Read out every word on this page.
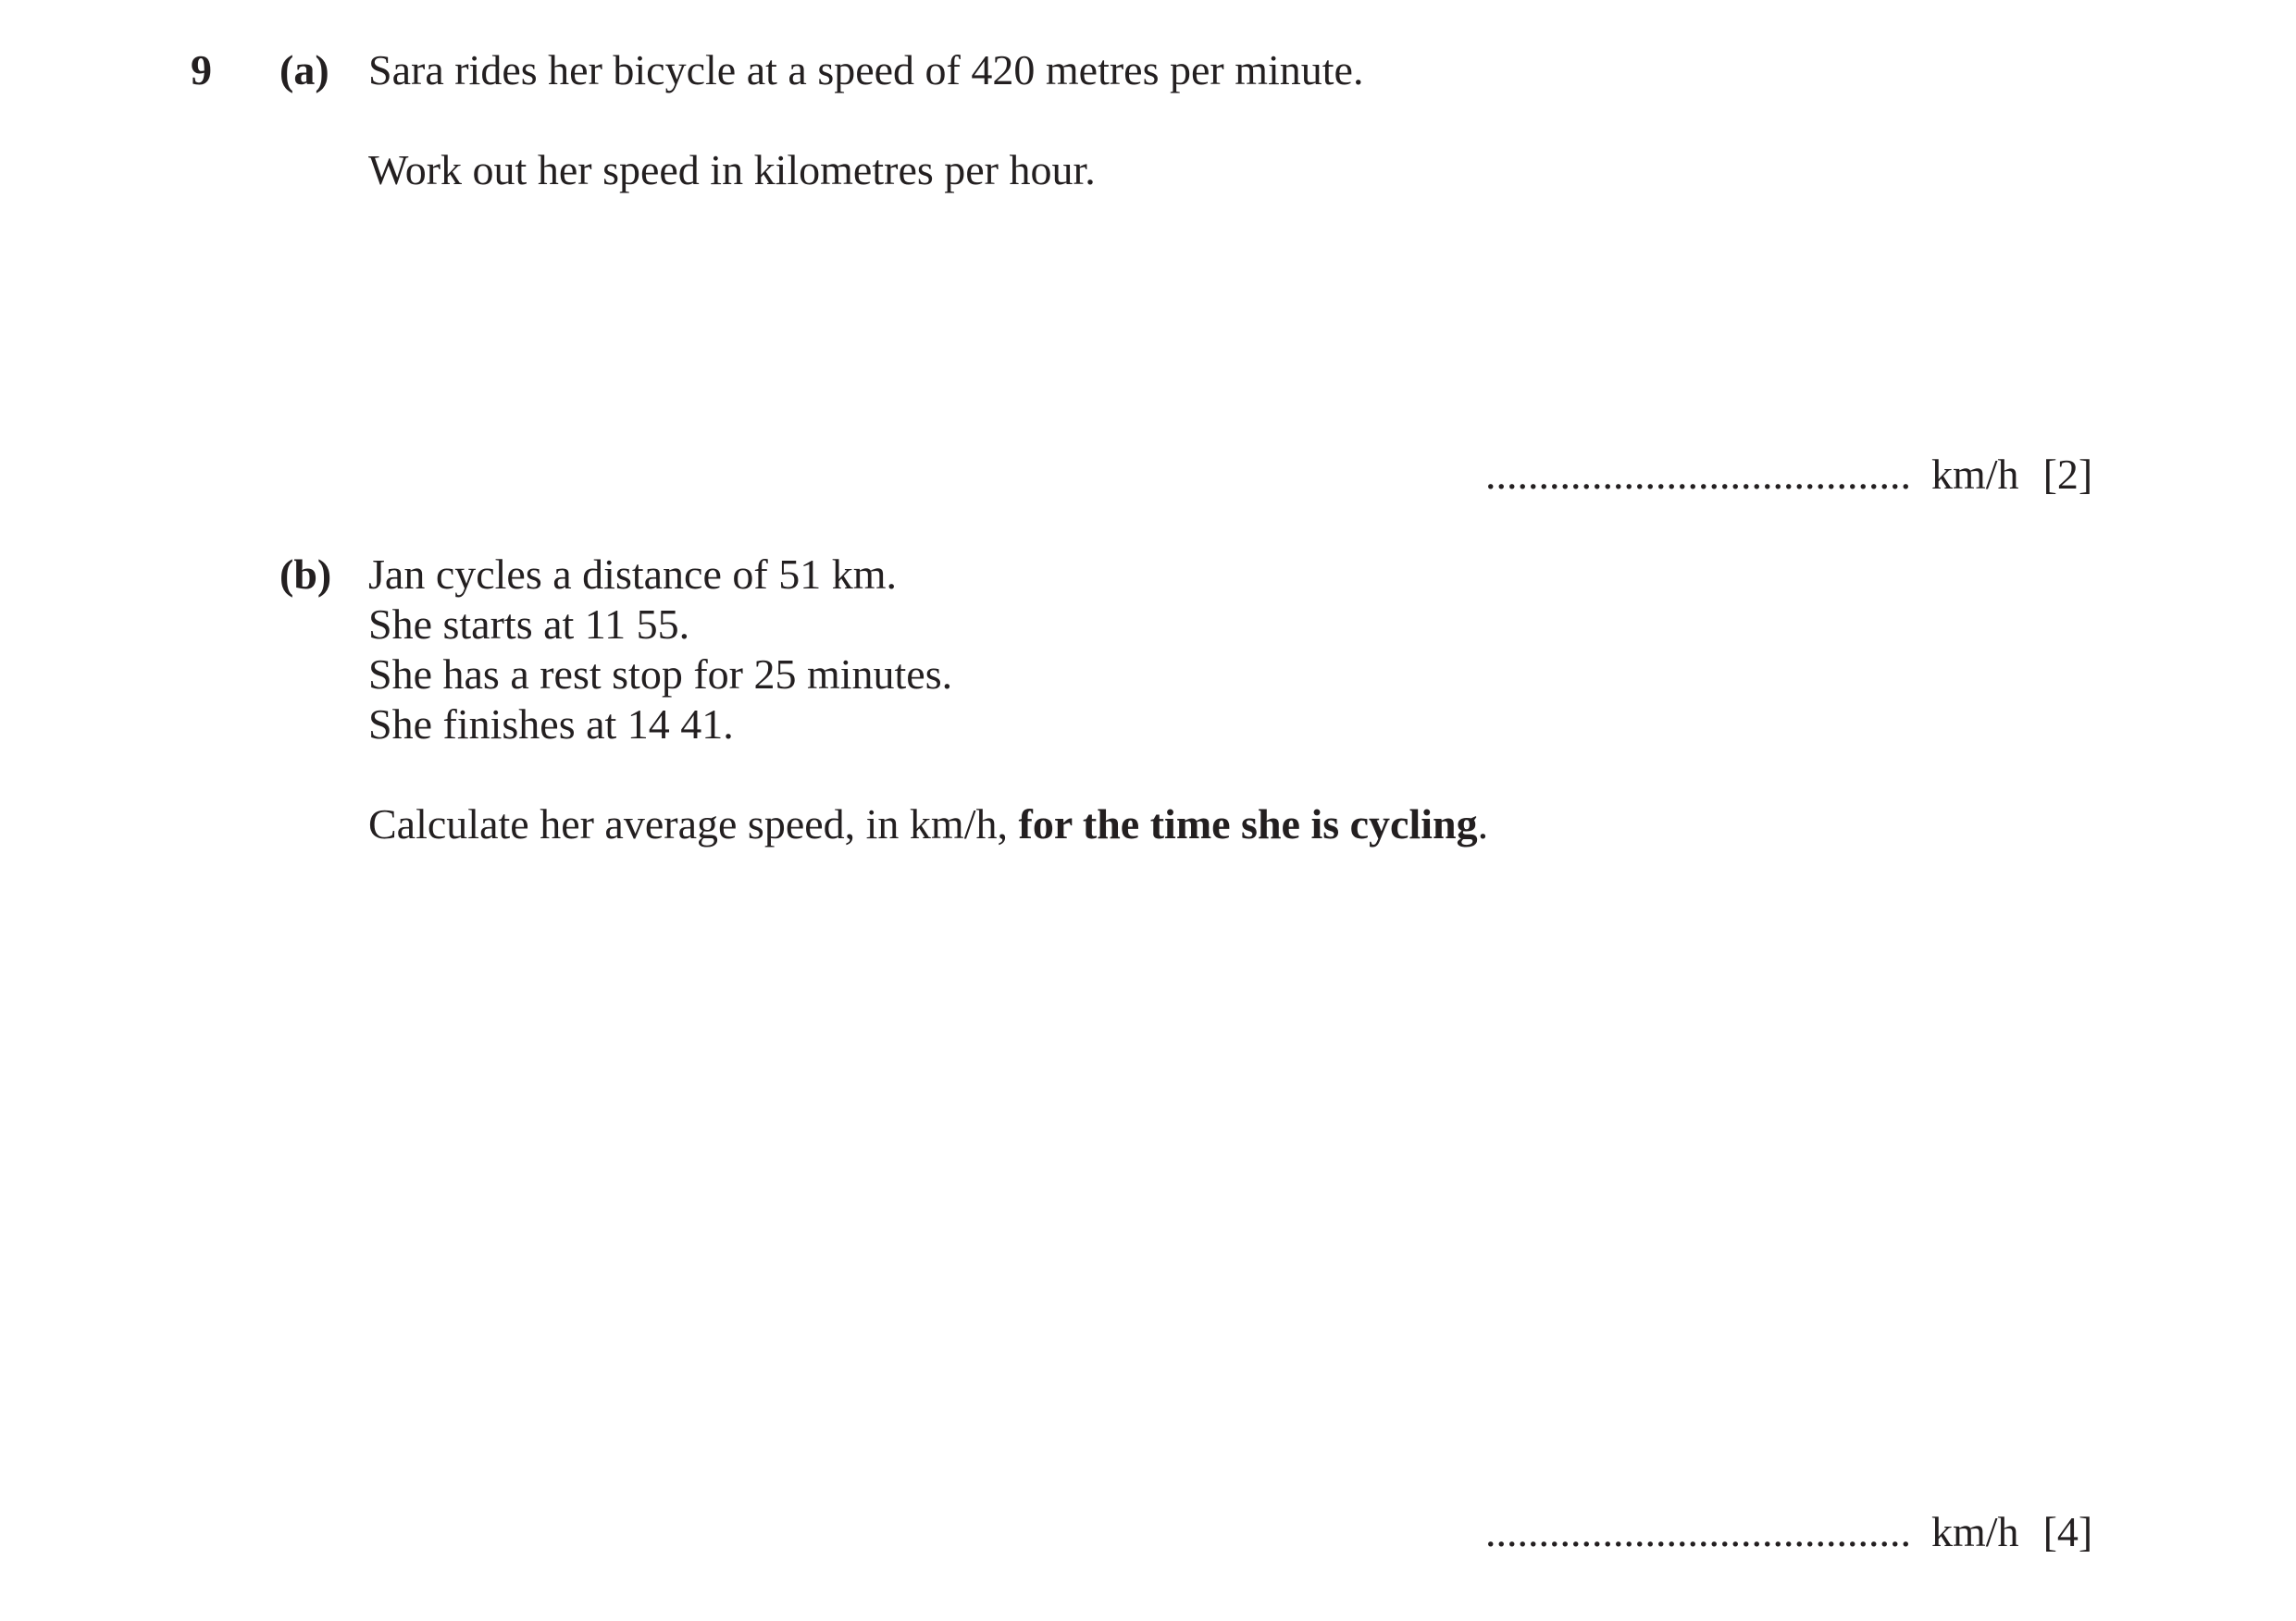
9 (a) Sara rides her bicycle at a speed of 420 metres per minute.
Work out her speed in kilometres per hour.
........................................ km/h [2]
(b) Jan cycles a distance of 51 km.
She starts at 11 55.
She has a rest stop for 25 minutes.
She finishes at 14 41.
Calculate her average speed, in km/h, for the time she is cycling.
........................................ km/h [4]
